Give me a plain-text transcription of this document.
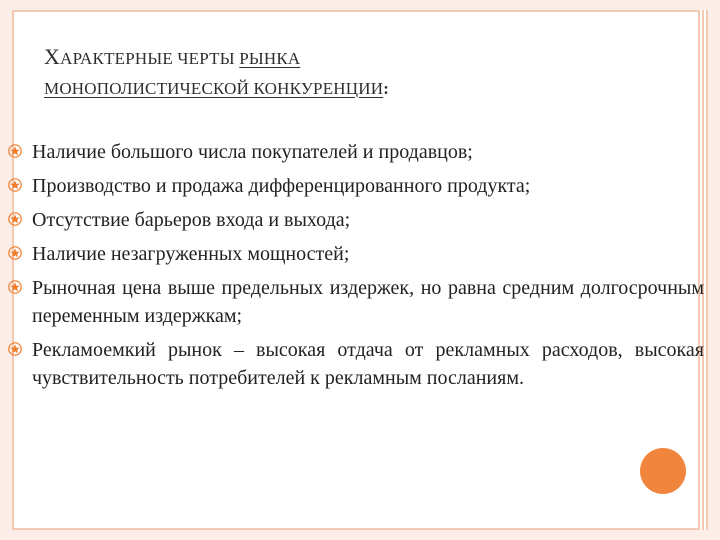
ХАРАКТЕРНЫЕ ЧЕРТЫ РЫНКА
МОНОПОЛИСТИЧЕСКОЙ КОНКУРЕНЦИИ:
Наличие большого числа покупателей и продавцов;
Производство и продажа дифференцированного продукта;
Отсутствие барьеров входа и выхода;
Наличие незагруженных мощностей;
Рыночная цена выше предельных издержек, но равна средним долгосрочным переменным издержкам;
Рекламоемкий рынок – высокая отдача от рекламных расходов, высокая чувствительность потребителей к рекламным посланиям.
